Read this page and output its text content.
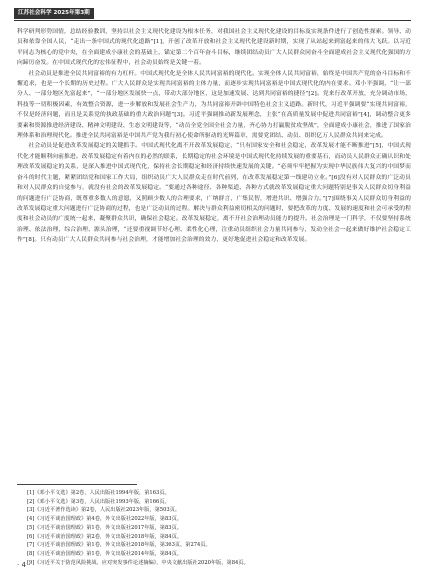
江苏社会科学 2025年第3期

科学研判形势国情，总结经验教训，坚持以社会主义现代化建设为根本任务，对我国社会主义现代化建设的目标及实现条件进行了创造性探索。领导、动员和依靠全国人民，“走出一条中国式的现代化道路”[1]，开创了改革开放和社会主义现代化建设新时期，实现了从站起来到富起来的伟大飞跃。以习近平同志为核心的党中央，在全面建成小康社会的基础上，锚定第二个百年奋斗目标，继续团结动员广大人民群众同奋斗全面建成社会主义现代化强国的方向蹄厉奋发。在中国式现代化的宏伟征程中，社会动员始终是关键一着。

社会动员是推进全民共同富裕的有力杠杆。中国式现代化是全体人民共同富裕的现代化。实现全体人民共同富裕，始终是中国共产党的奋斗目标和不懈追求，也是一个长期的历史过程。广大人民群众是实现共同富裕的主体力量，而逐步实现共同富裕是中国式现代化的内在要求。邓小平强调，“让一部分人、一部分地区先富起来”，“一部分地区发展快一点，带动大部分地区，这是加速发展、达到共同富裕的捷径”[2]。党来行改革开放，充分调动市场，科技等一切积极因素，有效整合资源，进一步解放和发展社会生产力，为共同富裕开辟中国特色社会主义道路。新时代，习近平强调要“实现共同富裕，不仅是经济问题，而且是关系党的执政基础的重大政治问题”[3]。习近平强调推动新发展理念，主张“在高质量发展中促进共同富裕”[4]，调动整合更多要素和资源推进经济建设、精神文明建设、生态文明建设等，“动员全党全国全社会力量，齐心协力打赢脱贫攻坚战”，全面建成小康社会，推进了国家治理体系和治理现代化。推进全民共同富裕是中国共产党为我行初心使命所驱动的光辉篇章，需要党团结、动员、组织亿万人民群众共同来完成。

社会动员是促进改革发展稳定的关键抓手。中国式现代化离不开改革发展稳定，“只有国家安全和社会稳定，改革发展才能不断推进”[5]，中国式现代化才能顺利向前推进。改革发展稳定有着内在的必然的联系，长期稳定的社会环境是中国式现代化持续发展的重要基石，而动员人民群众正确认识和处理改革发展稳定的关系，是深入推进中国式现代化，保持社会长期稳定和经济持续快速发展的关键。“必须牢牢把握为实现中华民族伟大复兴的中国梦而奋斗的时代主题，紧紧团结党和国家工作大局，组织动员广大人民群众走在时代前列，在改革发展稳定第一线建功立业。”[6]没有对人民群众的广泛动员和对人民群众的自觉参与，就没有社会的改革发展稳定。“要通过各种途径、各种渠道、各种方式就改革发展稳定重大问题特别是事关人民群众切身利益的问题进行广泛协商，既尊重多数人的意愿，又照顾少数人的合理要求，广纳群言，广集民智，增进共识、增强合力。”[7]围绕事关人民群众切身利益的改革发展稳定重大问题进行广泛协商的过程，也是广泛动员的过程。解决与群众利益密切相关的问题时，要把改革的力度、发展的速度和社会可承受的程度和社会动员的广度统一起来，凝聚群众共识，确保社会稳定。改革发展稳定，离不开社会治理动员能力的提升。社会治理是一门科学，不仅要坚持系统治理、依法治理、综合治理、源头治理，“还要重视调节好心理、柔性化心理，注重动员组织社会力量共同参与，发动全社会一起来做好维护社会稳定工作”[8]。只有动员广大人民群众共同参与社会治理，才能增加社会治理的效力，更好地促进社会稳定和改革发展。

[1]《邓小平文选》第2卷，人民出版社1994年版，第163页。
[2]《邓小平文选》第3卷，人民出版社1993年版，第166页。
[3]《习近平著作选读》第2卷，人民出版社2023年版，第503页。
[4]《习近平谈治国理政》第4卷，外文出版社2022年版，第83页。
[5]《习近平谈治国理政》第1卷，外文出版社2017年版，第83页。
[6]《习近平谈治国理政》第2卷，外文出版社2018年版，第84页。
[7]《习近平谈治国理政》第1卷，外文出版社2018年版，第363页，第274页。
[8]《习近平谈治国理政》第1卷，外文出版社2014年版，第84页。
[9]《习近平关于防范风险挑战、应对突发事件论述摘编》，中央文献出版社2020年版，第84页。
· 4 ·
